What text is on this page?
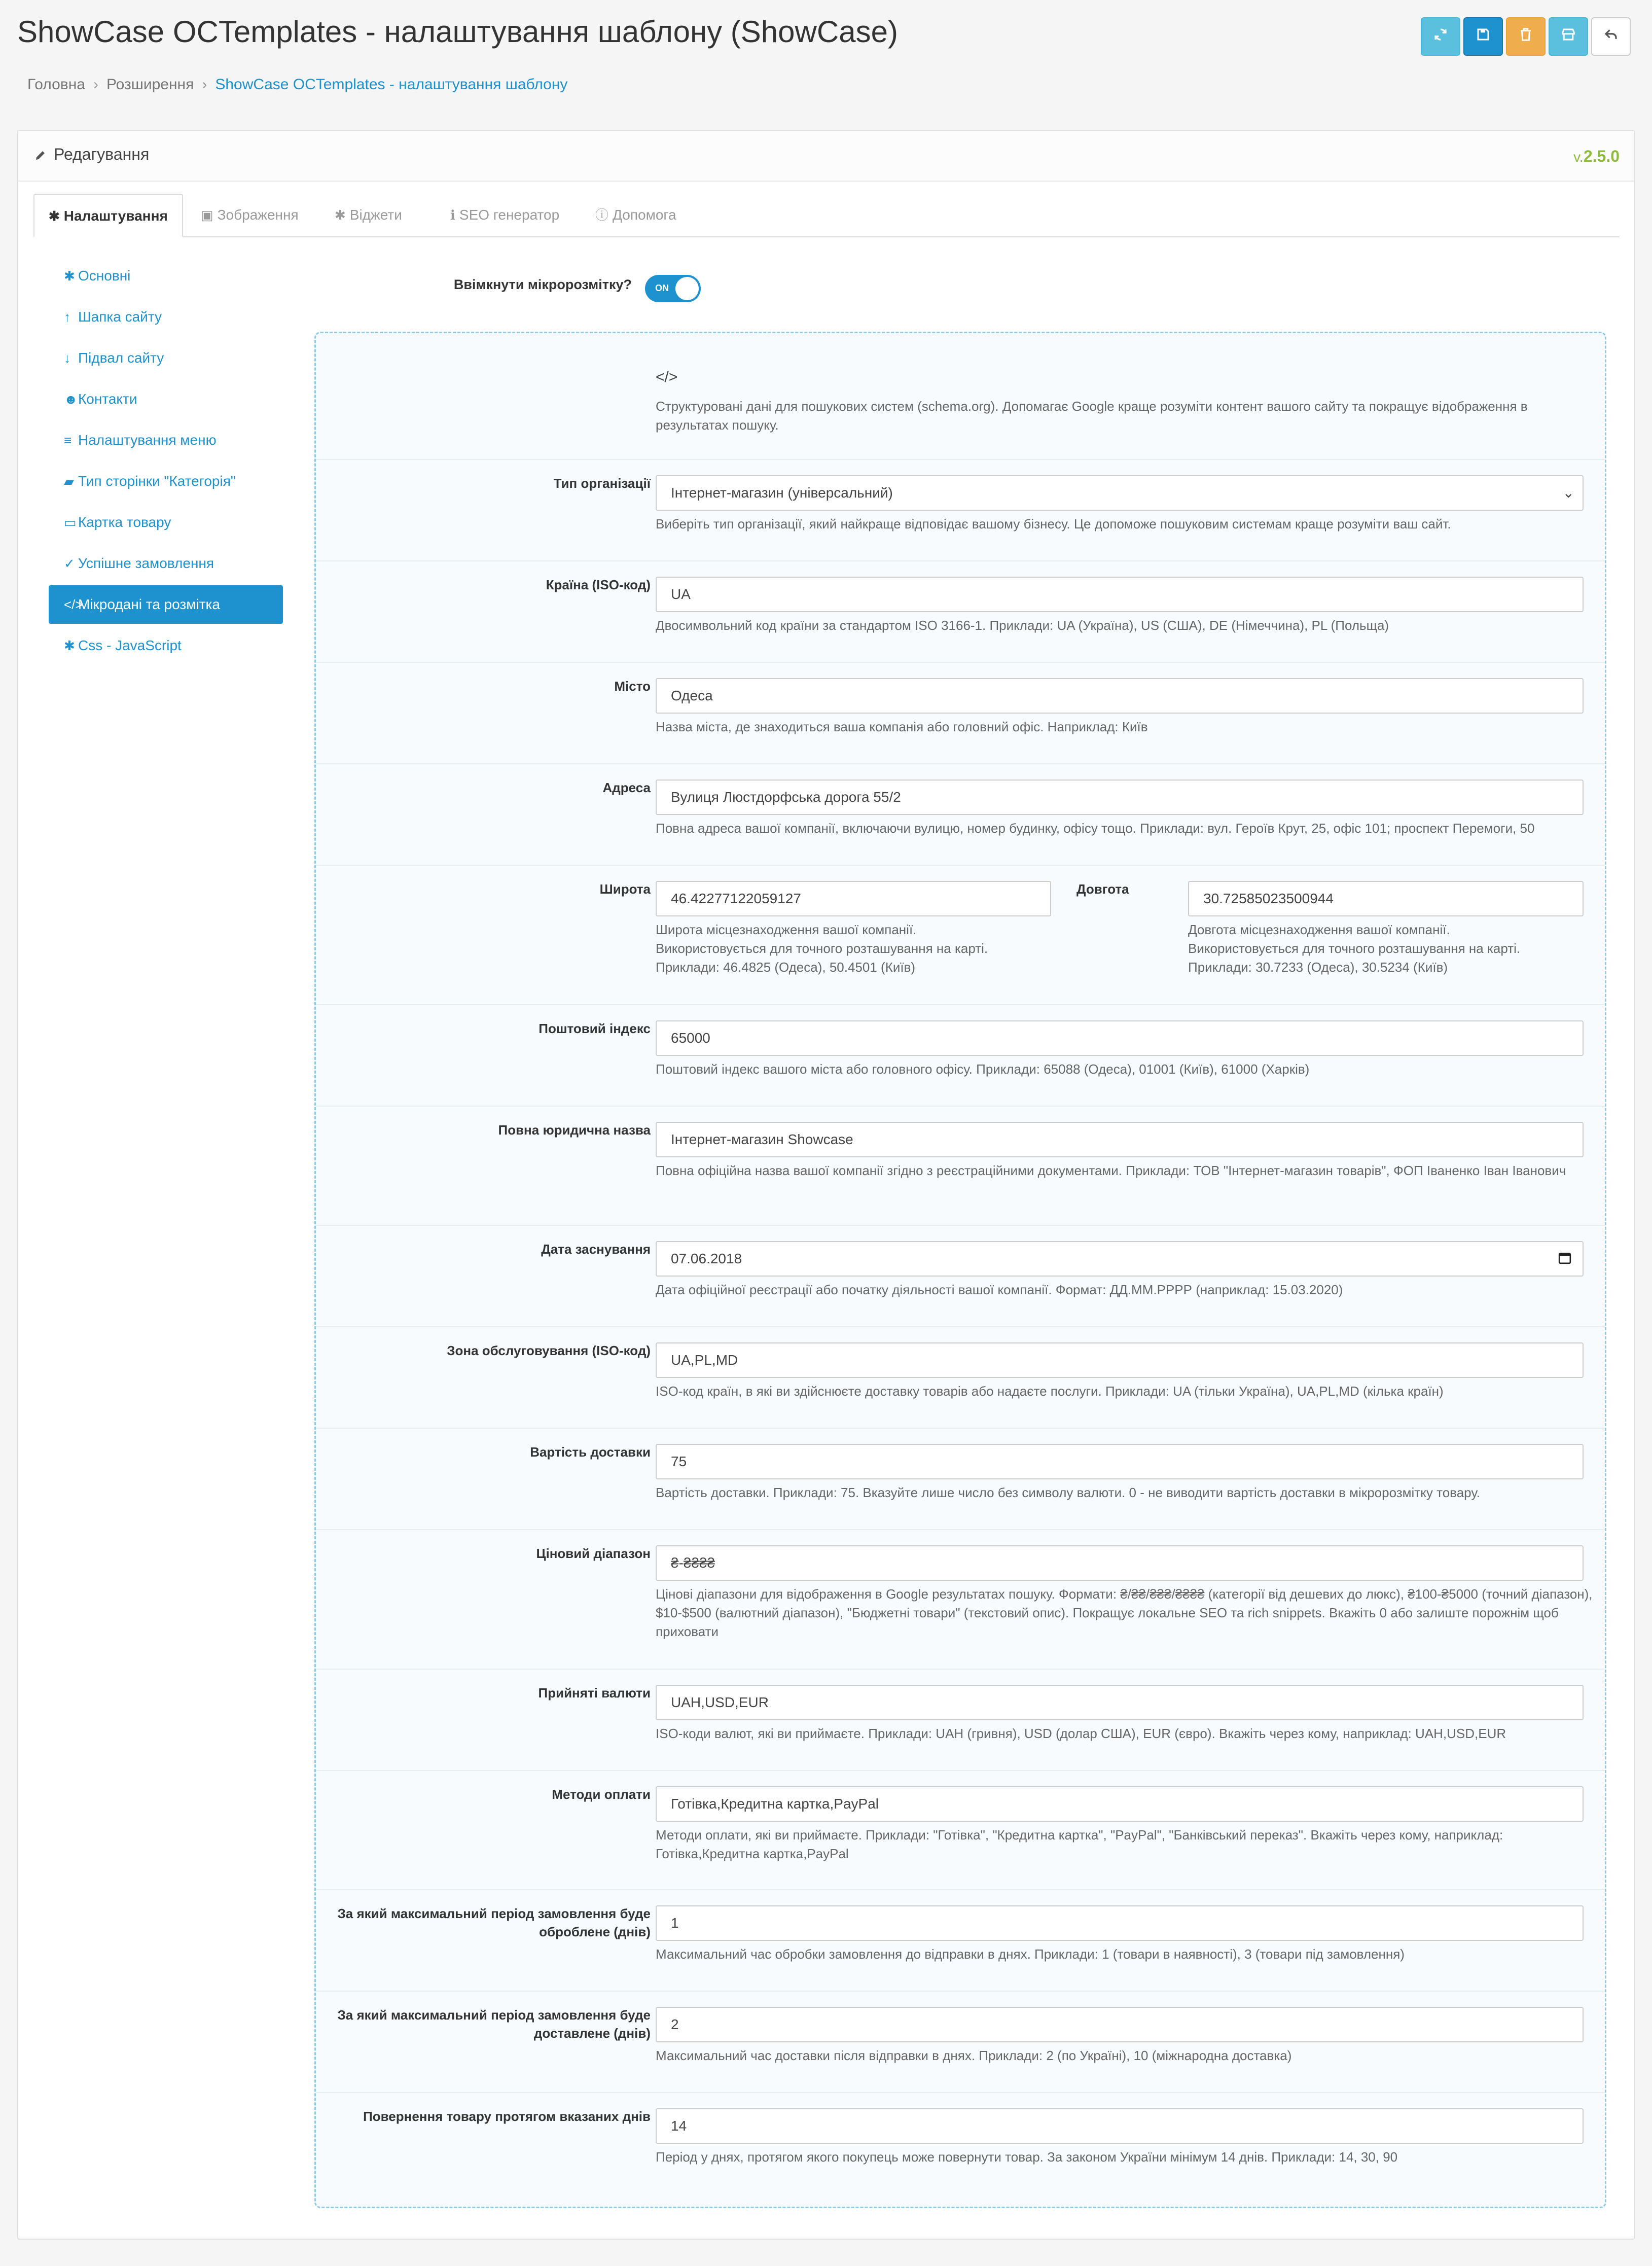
ShowCase OCTemplates - налаштування шаблону (ShowCase)
Головна › Розширення › ShowCase OCTemplates - налаштування шаблону
Редагування	v.2.5.0
✱ Налаштування	▣ Зображення	✱ Віджети	ℹ SEO генератор	ⓘ Допомога
✱ Основні
↑ Шапка сайту
↓ Підвал сайту
☻Контакти
≡ Налаштування меню
▰ Тип сторінки "Категорія"
▭ Картка товару
✓ Успішне замовлення
</>Мікродані та розмітка
✱ Css - JavaScript
Ввімкнути мікророзмітку?	ON
</>
Структуровані дані для пошукових систем (schema.org). Допомагає Google краще розуміти контент вашого сайту та покращує відображення в результатах пошуку.
Тип організації
Інтернет-магазин (універсальний)	⌄
Виберіть тип організації, який найкраще відповідає вашому бізнесу. Це допоможе пошуковим системам краще розуміти ваш сайт.
Країна (ISO-код)
UA
Двосимвольний код країни за стандартом ISO 3166-1. Приклади: UA (Україна), US (США), DE (Німеччина), PL (Польща)
Місто
Одеса
Назва міста, де знаходиться ваша компанія або головний офіс. Наприклад: Київ
Адреса
Вулиця Люстдорфська дорога 55/2
Повна адреса вашої компанії, включаючи вулицю, номер будинку, офісу тощо. Приклади: вул. Героїв Крут, 25, офіс 101; проспект Перемоги, 50
Широта
46.42277122059127
Широта місцезнаходження вашої компанії.
Використовується для точного розташування на карті.
Приклади: 46.4825 (Одеса), 50.4501 (Київ)
Довгота
30.72585023500944
Довгота місцезнаходження вашої компанії.
Використовується для точного розташування на карті.
Приклади: 30.7233 (Одеса), 30.5234 (Київ)
Поштовий індекс
65000
Поштовий індекс вашого міста або головного офісу. Приклади: 65088 (Одеса), 01001 (Київ), 61000 (Харків)
Повна юридична назва
Інтернет-магазин Showcase
Повна офіційна назва вашої компанії згідно з реєстраційними документами. Приклади: ТОВ "Інтернет-магазин товарів", ФОП Іваненко Іван Іванович
Дата заснування
07.06.2018
Дата офіційної реєстрації або початку діяльності вашої компанії. Формат: ДД.ММ.РРРР (наприклад: 15.03.2020)
Зона обслуговування (ISO-код)
UA,PL,MD
ISO-код країн, в які ви здійснюєте доставку товарів або надаєте послуги. Приклади: UA (тільки Україна), UA,PL,MD (кілька країн)
Вартість доставки
75
Вартість доставки. Приклади: 75. Вказуйте лише число без символу валюти. 0 - не виводити вартість доставки в мікророзмітку товару.
Ціновий діапазон
₴-₴₴₴₴
Цінові діапазони для відображення в Google результатах пошуку. Формати: ₴/₴₴/₴₴₴/₴₴₴₴ (категорії від дешевих до люкс), ₴100-₴5000 (точний діапазон), $10-$500 (валютний діапазон), "Бюджетні товари" (текстовий опис). Покращує локальне SEO та rich snippets. Вкажіть 0 або залиште порожнім щоб приховати
Прийняті валюти
UAH,USD,EUR
ISO-коди валют, які ви приймаєте. Приклади: UAH (гривня), USD (долар США), EUR (євро). Вкажіть через кому, наприклад: UAH,USD,EUR
Методи оплати
Готівка,Кредитна картка,PayPal
Методи оплати, які ви приймаєте. Приклади: "Готівка", "Кредитна картка", "PayPal", "Банківський переказ". Вкажіть через кому, наприклад: Готівка,Кредитна картка,PayPal
За який максимальний період замовлення буде оброблене (днів)
1
Максимальний час обробки замовлення до відправки в днях. Приклади: 1 (товари в наявності), 3 (товари під замовлення)
За який максимальний період замовлення буде доставлене (днів)
2
Максимальний час доставки після відправки в днях. Приклади: 2 (по Україні), 10 (міжнародна доставка)
Повернення товару протягом вказаних днів
14
Період у днях, протягом якого покупець може повернути товар. За законом України мінімум 14 днів. Приклади: 14, 30, 90
